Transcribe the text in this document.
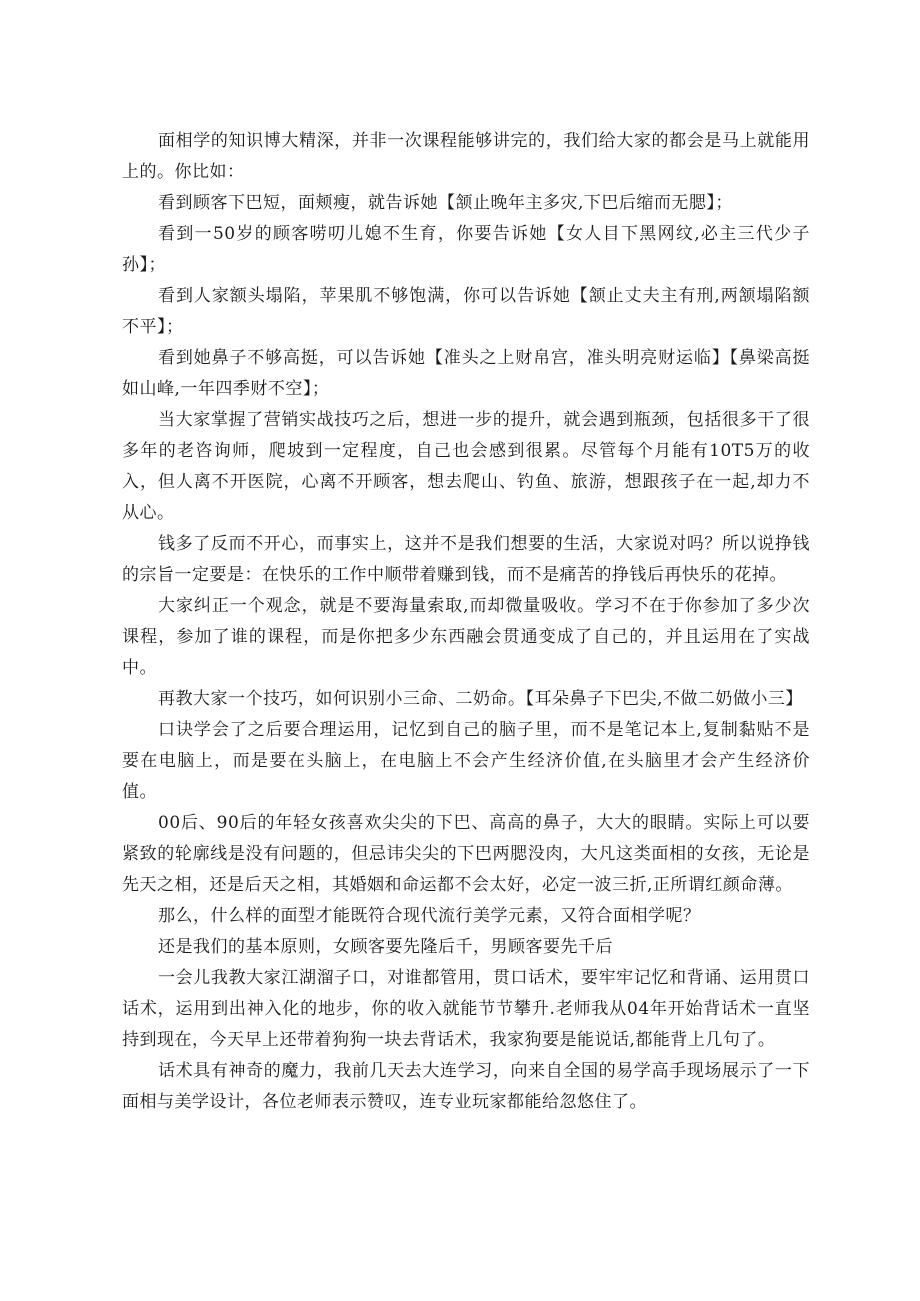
面相学的知识博大精深，并非一次课程能够讲完的，我们给大家的都会是马上就能用上的。你比如：

看到顾客下巴短，面颊瘦，就告诉她【颔止晚年主多灾,下巴后缩而无腮】；

看到一50岁的顾客唠叨儿媳不生育，你要告诉她【女人目下黑网纹,必主三代少子孙】；

看到人家额头塌陷，苹果肌不够饱满，你可以告诉她【颔止丈夫主有刑,两颔塌陷额不平】；

看到她鼻子不够高挺，可以告诉她【准头之上财帛宫，准头明亮财运临】【鼻梁高挺如山峰,一年四季财不空】；

当大家掌握了营销实战技巧之后，想进一步的提升，就会遇到瓶颈，包括很多干了很多年的老咨询师，爬坡到一定程度，自己也会感到很累。尽管每个月能有10T5万的收入，但人离不开医院，心离不开顾客，想去爬山、钓鱼、旅游，想跟孩子在一起,却力不从心。

钱多了反而不开心，而事实上，这并不是我们想要的生活，大家说对吗？所以说挣钱的宗旨一定要是：在快乐的工作中顺带着赚到钱，而不是痛苦的挣钱后再快乐的花掉。

大家纠正一个观念，就是不要海量索取,而却微量吸收。学习不在于你参加了多少次课程，参加了谁的课程，而是你把多少东西融会贯通变成了自己的，并且运用在了实战中。

再教大家一个技巧，如何识别小三命、二奶命。【耳朵鼻子下巴尖,不做二奶做小三】

口诀学会了之后要合理运用，记忆到自己的脑子里，而不是笔记本上,复制黏贴不是要在电脑上，而是要在头脑上，在电脑上不会产生经济价值,在头脑里才会产生经济价值。

00后、90后的年轻女孩喜欢尖尖的下巴、高高的鼻子，大大的眼睛。实际上可以要紧致的轮廓线是没有问题的，但忌讳尖尖的下巴两腮没肉，大凡这类面相的女孩，无论是先天之相，还是后天之相，其婚姻和命运都不会太好，必定一波三折,正所谓红颜命薄。

那么，什么样的面型才能既符合现代流行美学元素，又符合面相学呢？

还是我们的基本原则，女顾客要先隆后千，男顾客要先千后

一会儿我教大家江湖溜子口，对谁都管用，贯口话术，要牢牢记忆和背诵、运用贯口话术，运用到出神入化的地步，你的收入就能节节攀升.老师我从04年开始背话术一直坚持到现在，今天早上还带着狗狗一块去背话术，我家狗要是能说话,都能背上几句了。

话术具有神奇的魔力，我前几天去大连学习，向来自全国的易学高手现场展示了一下面相与美学设计，各位老师表示赞叹，连专业玩家都能给忽悠住了。
